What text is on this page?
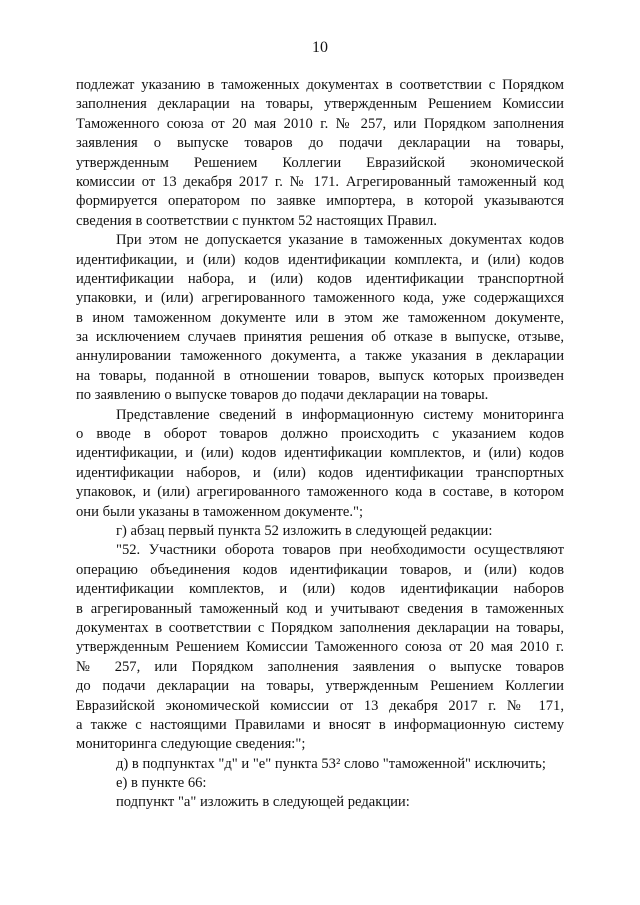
10
подлежат указанию в таможенных документах в соответствии с Порядком
заполнения декларации на товары, утвержденным Решением Комиссии
Таможенного союза от 20 мая 2010 г. № 257, или Порядком заполнения
заявления о выпуске товаров до подачи декларации на товары,
утвержденным Решением Коллегии Евразийской экономической
комиссии от 13 декабря 2017 г. № 171. Агрегированный таможенный код
формируется оператором по заявке импортера, в которой указываются
сведения в соответствии с пунктом 52 настоящих Правил.
При этом не допускается указание в таможенных документах кодов
идентификации, и (или) кодов идентификации комплекта, и (или) кодов
идентификации набора, и (или) кодов идентификации транспортной
упаковки, и (или) агрегированного таможенного кода, уже содержащихся
в ином таможенном документе или в этом же таможенном документе,
за исключением случаев принятия решения об отказе в выпуске, отзыве,
аннулировании таможенного документа, а также указания в декларации
на товары, поданной в отношении товаров, выпуск которых произведен
по заявлению о выпуске товаров до подачи декларации на товары.
Представление сведений в информационную систему мониторинга
о вводе в оборот товаров должно происходить с указанием кодов
идентификации, и (или) кодов идентификации комплектов, и (или) кодов
идентификации наборов, и (или) кодов идентификации транспортных
упаковок, и (или) агрегированного таможенного кода в составе, в котором
они были указаны в таможенном документе.";
г) абзац первый пункта 52 изложить в следующей редакции:
"52. Участники оборота товаров при необходимости осуществляют
операцию объединения кодов идентификации товаров, и (или) кодов
идентификации комплектов, и (или) кодов идентификации наборов
в агрегированный таможенный код и учитывают сведения в таможенных
документах в соответствии с Порядком заполнения декларации на товары,
утвержденным Решением Комиссии Таможенного союза от 20 мая 2010 г.
№ 257, или Порядком заполнения заявления о выпуске товаров
до подачи декларации на товары, утвержденным Решением Коллегии
Евразийской экономической комиссии от 13 декабря 2017 г. № 171,
а также с настоящими Правилами и вносят в информационную систему
мониторинга следующие сведения:";
д) в подпунктах "д" и "е" пункта 53² слово "таможенной" исключить;
е) в пункте 66:
подпункт "а" изложить в следующей редакции:
